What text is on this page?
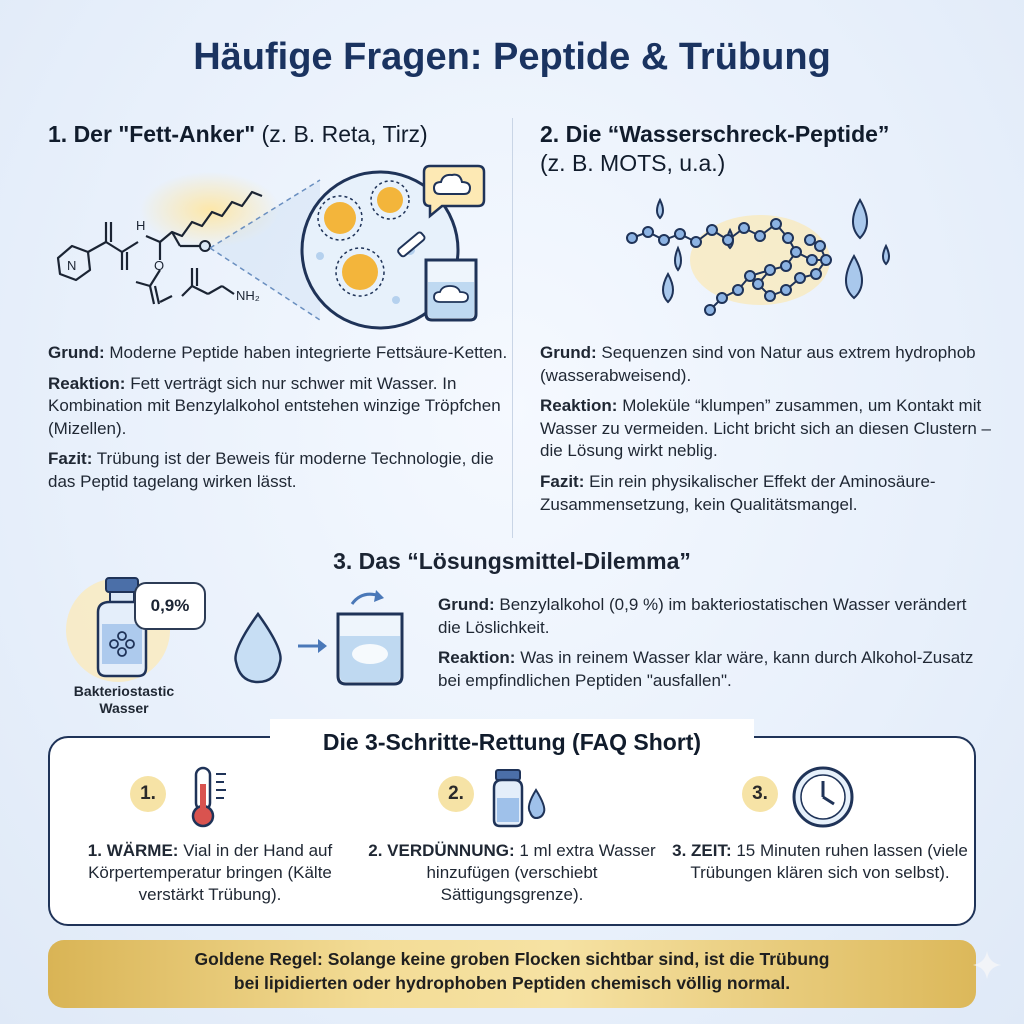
Häufige Fragen: Peptide & Trübung
1. Der "Fett-Anker" (z. B. Reta, Tirz)
N
H
NH₂
O

Grund: Moderne Peptide haben integrierte Fettsäure-Ketten.

Reaktion: Fett verträgt sich nur schwer mit Wasser. In Kombination mit Benzylalkohol entstehen winzige Tröpfchen (Mizellen).

Fazit: Trübung ist der Beweis für moderne Technologie, die das Peptid tagelang wirken lässt.

2. Die “Wasserschreck-Peptide”
(z. B. MOTS, u.a.)

Grund: Sequenzen sind von Natur aus extrem hydrophob (wasserabweisend).

Reaktion: Moleküle “klumpen” zusammen, um Kontakt mit Wasser zu vermeiden. Licht bricht sich an diesen Clustern – die Lösung wirkt neblig.

Fazit: Ein rein physikalischer Effekt der Aminosäure-Zusammensetzung, kein Qualitätsmangel.

3. Das “Lösungsmittel-Dilemma”
0,9%
Bakteriostastic Wasser

Grund: Benzylalkohol (0,9 %) im bakteriostatischen Wasser verändert die Löslichkeit.

Reaktion: Was in reinem Wasser klar wäre, kann durch Alkohol-Zusatz bei empfindlichen Peptiden "ausfallen".

Die 3-Schritte-Rettung (FAQ Short)
1.
1. WÄRME: Vial in der Hand auf Körpertemperatur bringen (Kälte verstärkt Trübung).
2.
2. VERDÜNNUNG: 1 ml extra Wasser hinzufügen (verschiebt Sättigungsgrenze).
3.
3. ZEIT: 15 Minuten ruhen lassen (viele Trübungen klären sich von selbst).
Goldene Regel: Solange keine groben Flocken sichtbar sind, ist die Trübung
bei lipidierten oder hydrophoben Peptiden chemisch völlig normal.
